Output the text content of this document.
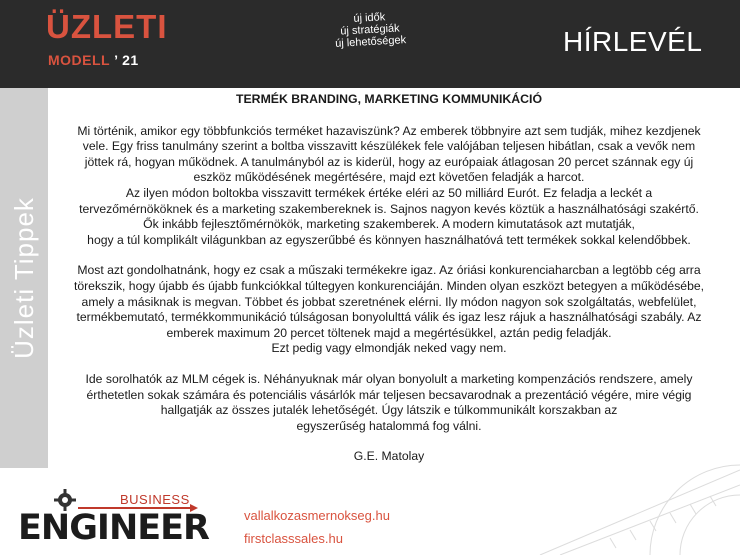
ÜZLETI
MODELL ’ 21
új idők
új stratégiák
új lehetőségek	HÍRLEVÉL
Üzleti Tippek
TERMÉK BRANDING, MARKETING KOMMUNIKÁCIÓ
Mi történik, amikor egy többfunkciós terméket hazaviszünk? Az emberek többnyire azt sem tudják, mihez kezdjenek
vele. Egy friss tanulmány szerint a boltba visszavitt készülékek fele valójában teljesen hibátlan, csak a vevők nem
jöttek rá, hogyan működnek. A tanulmányból az is kiderül, hogy az európaiak átlagosan 20 percet szánnak egy új
eszköz működésének megértésére, majd ezt követően feladják a harcot.
Az ilyen módon boltokba visszavitt termékek értéke eléri az 50 milliárd Eurót. Ez feladja a leckét a
tervezőmérnököknek és a marketing szakembereknek is. Sajnos nagyon kevés köztük a használhatósági szakértő.
Ők inkább fejlesztőmérnökök, marketing szakemberek. A modern kimutatások azt mutatják,
hogy a túl komplikált világunkban az egyszerűbbé és könnyen használhatóvá tett termékek sokkal kelendőbbek.
Most azt gondolhatnánk, hogy ez csak a műszaki termékekre igaz. Az óriási konkurenciaharcban a legtöbb cég arra
törekszik, hogy újabb és újabb funkciókkal túltegyen konkurenciáján. Minden olyan eszközt betegyen a működésébe,
amely a másiknak is megvan. Többet és jobbat szeretnének elérni. Ily módon nagyon sok szolgáltatás, webfelület,
termékbemutató, termékkommunikáció túlságosan bonyolulttá válik és igaz lesz rájuk a használhatósági szabály. Az
emberek maximum 20 percet töltenek majd a megértésükkel, aztán pedig feladják.
Ezt pedig vagy elmondják neked vagy nem.
Ide sorolhatók az MLM cégek is. Néhányuknak már olyan bonyolult a marketing kompenzációs rendszere, amely
érthetetlen sokak számára és potenciális vásárlók már teljesen becsavarodnak a prezentáció végére, mire végig
hallgatják az összes jutalék lehetőségét. Úgy látszik e túlkommunikált korszakban az
egyszerűség hatalommá fog válni.
G.E. Matolay
BUSINESS
ENGINEER	vallalkozasmernokseg.hu
firstclasssales.hu
